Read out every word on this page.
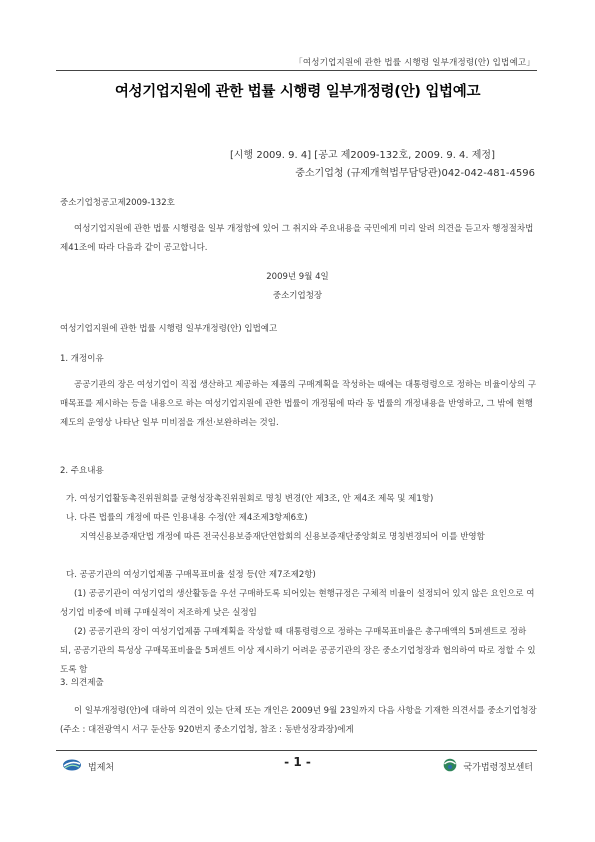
「여성기업지원에 관한 법률 시행령 일부개정령(안) 입법예고」
여성기업지원에 관한 법률 시행령 일부개정령(안) 입법예고
[시행 2009. 9. 4] [공고 제2009-132호, 2009. 9. 4. 제정]
중소기업청 (규제개혁법무담당관)042-042-481-4596
중소기업청공고제2009-132호
여성기업지원에 관한 법률 시행령을 일부 개정함에 있어 그 취지와 주요내용을 국민에게 미리 알려 의견을 듣고자 행정절차법 제41조에 따라 다음과 같이 공고합니다.
2009년 9월 4일
중소기업청장
여성기업지원에 관한 법률 시행령 일부개정령(안) 입법예고
1. 개정이유
공공기관의 장은 여성기업이 직접 생산하고 제공하는 제품의 구매계획을 작성하는 때에는 대통령령으로 정하는 비율이상의 구매목표를 제시하는 등을 내용으로 하는 여성기업지원에 관한 법률이 개정됨에 따라 동 법률의 개정내용을 반영하고, 그 밖에 현행 제도의 운영상 나타난 일부 미비점을 개선·보완하려는 것임.
2. 주요내용
가. 여성기업활동촉진위원회를 균형성장촉진위원회로 명칭 변경(안 제3조, 안 제4조 제목 및 제1항)
나. 다른 법률의 개정에 따른 인용내용 수정(안 제4조제3항제6호)
지역신용보증재단법 개정에 따른 전국신용보증재단연합회의 신용보증재단중앙회로 명칭변경되어 이를 반영함
다. 공공기관의 여성기업제품 구매목표비율 설정 등(안 제7조제2항)
(1) 공공기관이 여성기업의 생산활동을 우선 구매하도록 되어있는 현행규정은 구체적 비율이 설정되어 있지 않은 요인으로 여성기업 비중에 비해 구매실적이 저조하게 낮은 실정임
(2) 공공기관의 장이 여성기업제품 구매계획을 작성할 때 대통령령으로 정하는 구매목표비율은 총구매액의 5퍼센트로 정하되, 공공기관의 특성상 구매목표비율을 5퍼센트 이상 제시하기 어려운 공공기관의 장은 중소기업청장과 협의하여 따로 정할 수 있도록 함
3. 의견제출
이 일부개정령(안)에 대하여 의견이 있는 단체 또는 개인은 2009년 9월 23일까지 다음 사항을 기재한 의견서를 중소기업청장(주소 : 대전광역시 서구 둔산동 920번지 중소기업청, 참조 : 동반성장과장)에게
법제처	- 1 -	국가법령정보센터
